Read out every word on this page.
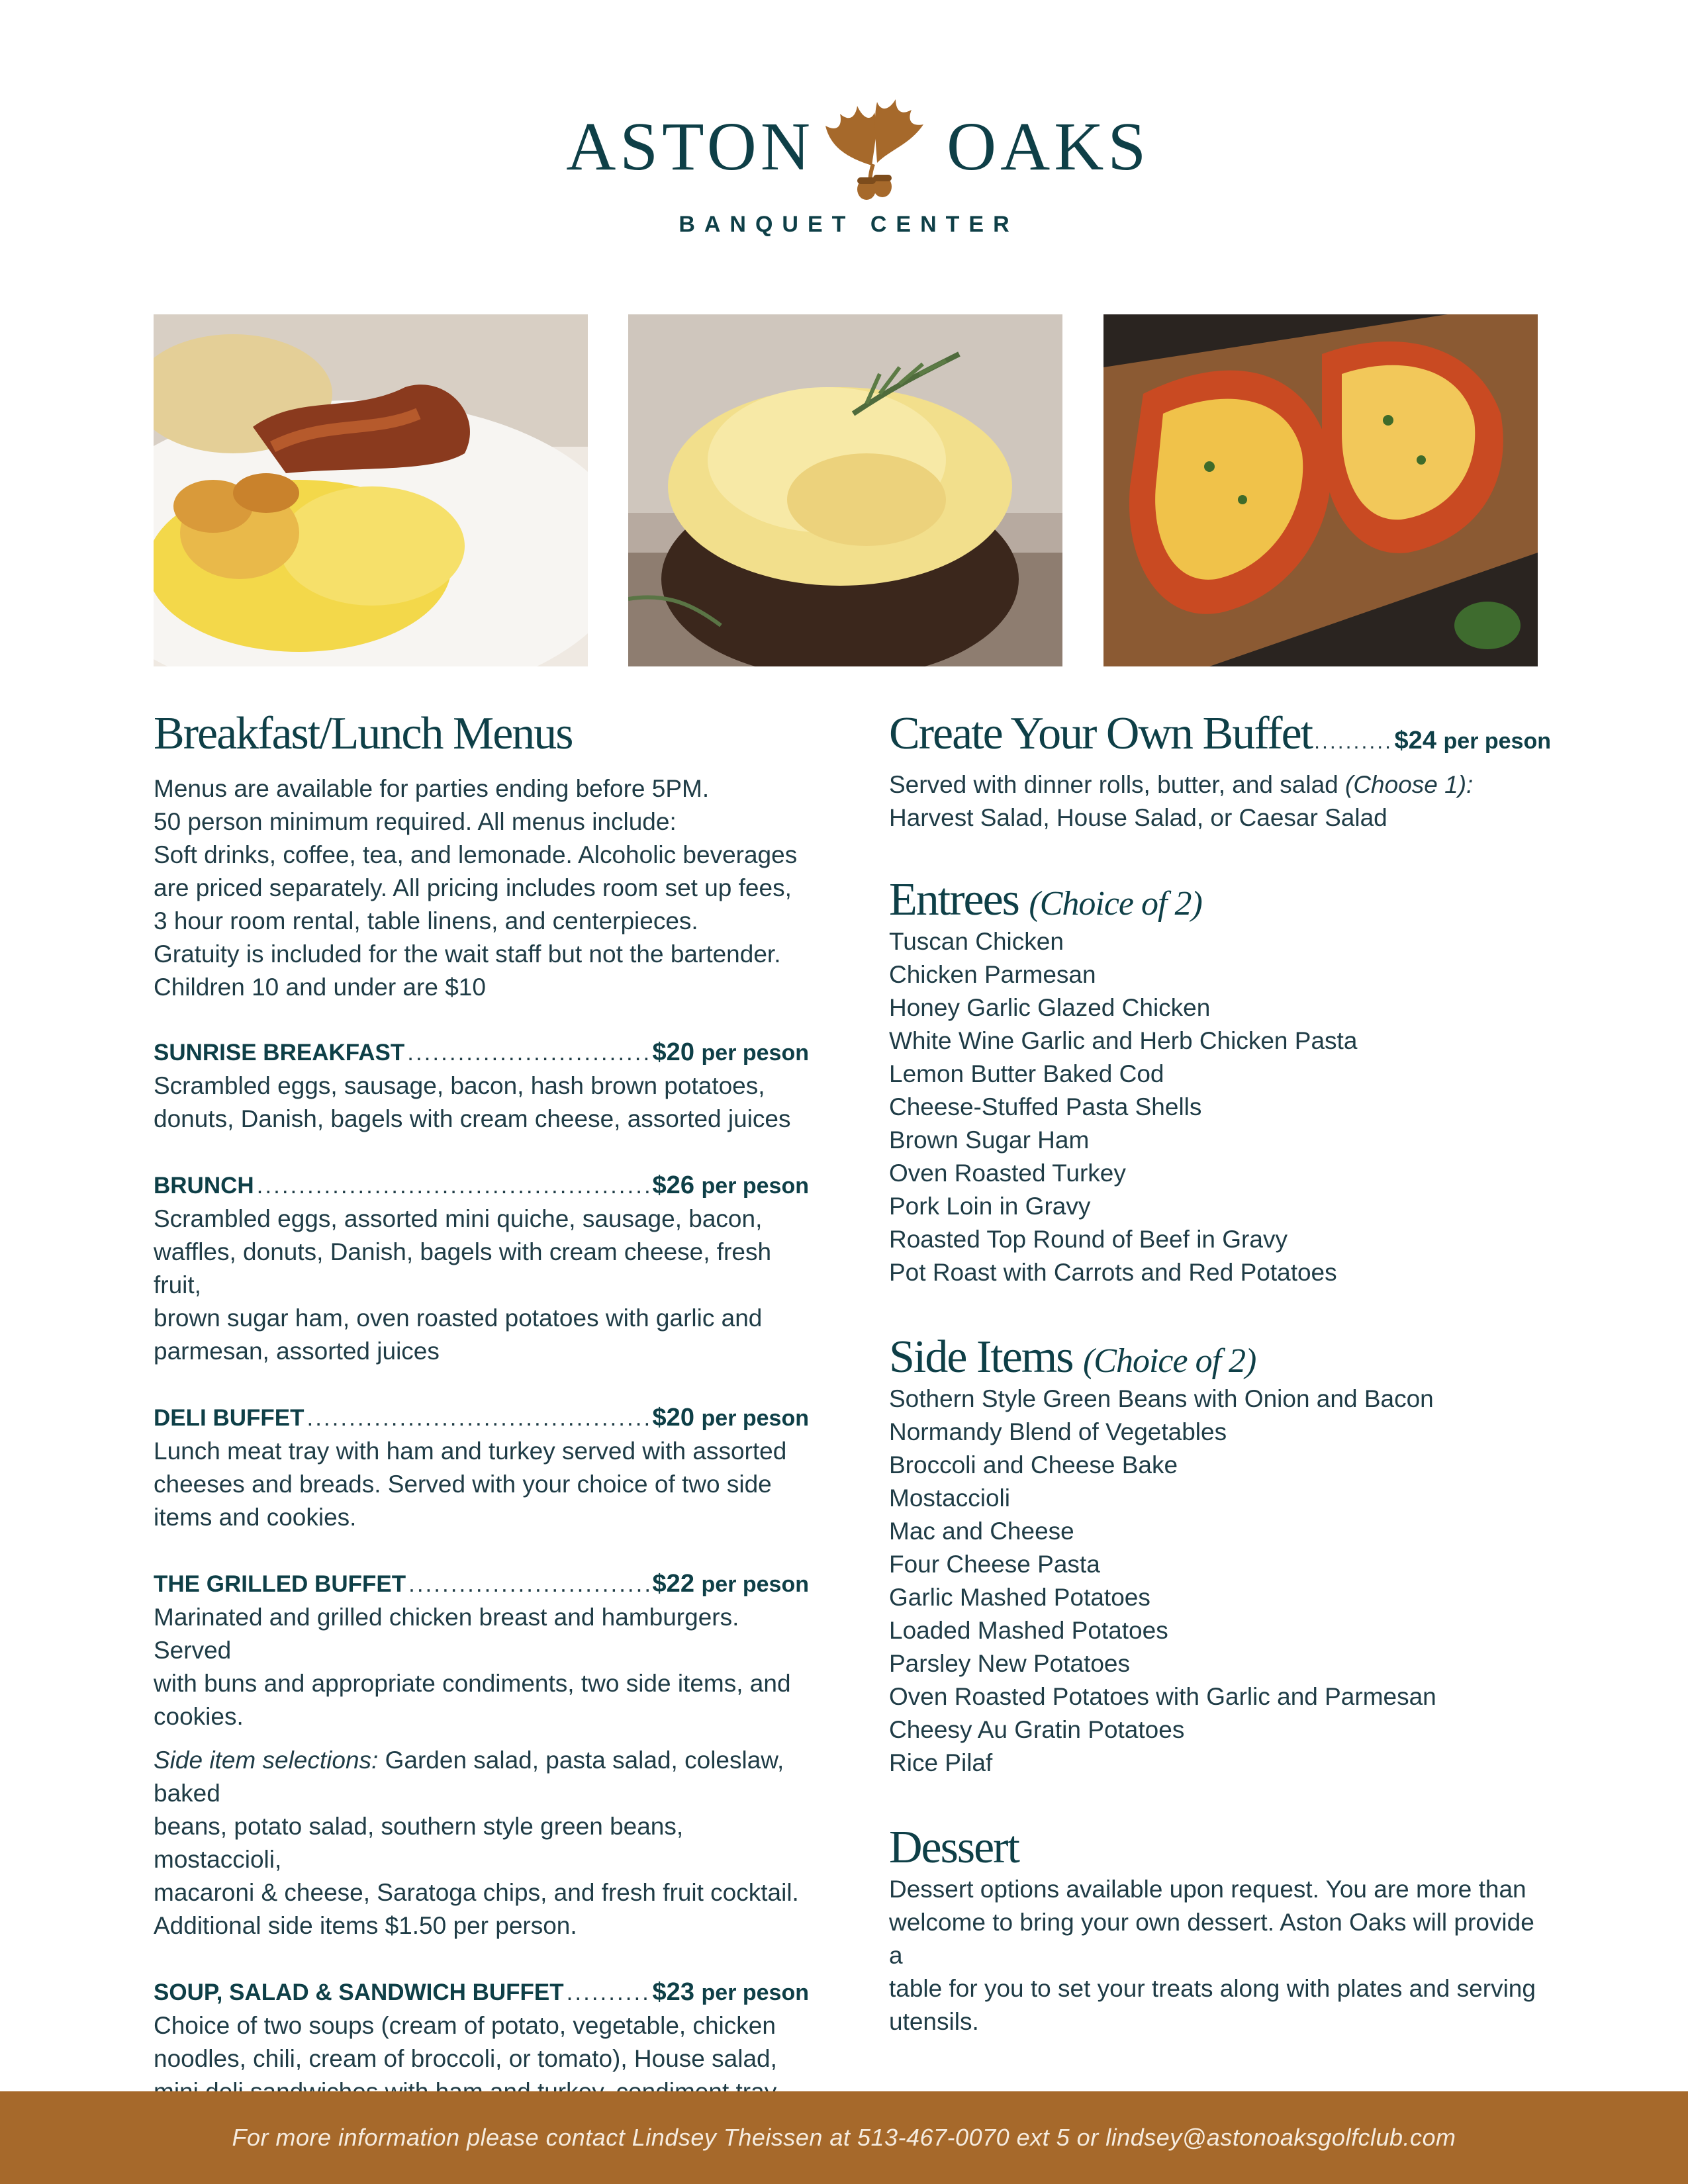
ASTON OAKS
BANQUET CENTER
Breakfast/Lunch Menus
Menus are available for parties ending before 5PM.
50 person minimum required. All menus include:
Soft drinks, coffee, tea, and lemonade. Alcoholic beverages
are priced separately. All pricing includes room set up fees,
3 hour room rental, table linens, and centerpieces.
Gratuity is included for the wait staff but not the bartender.
Children 10 and under are $10
SUNRISE BREAKFAST .....	$20 per peson
Scrambled eggs, sausage, bacon, hash brown potatoes,
donuts, Danish, bagels with cream cheese, assorted juices
BRUNCH .....	$26 per peson
Scrambled eggs, assorted mini quiche, sausage, bacon,
waffles, donuts, Danish, bagels with cream cheese, fresh fruit,
brown sugar ham, oven roasted potatoes with garlic and
parmesan, assorted juices
DELI BUFFET .....	$20 per peson
Lunch meat tray with ham and turkey served with assorted
cheeses and breads. Served with your choice of two side
items and cookies.
THE GRILLED BUFFET .....	$22 per peson
Marinated and grilled chicken breast and hamburgers. Served
with buns and appropriate condiments, two side items, and
cookies.
Side item selections: Garden salad, pasta salad, coleslaw, baked
beans, potato salad, southern style green beans, mostaccioli,
macaroni & cheese, Saratoga chips, and fresh fruit cocktail.
Additional side items $1.50 per person.
SOUP, SALAD & SANDWICH BUFFET .....	$23 per peson
Choice of two soups (cream of potato, vegetable, chicken
noodles, chili, cream of broccoli, or tomato), House salad,
Create Your Own Buffet .....	$24 per peson
Served with dinner rolls, butter, and salad (Choose 1):
Harvest Salad, House Salad, or Caesar Salad
Entrees (Choice of 2)
Tuscan Chicken
Chicken Parmesan
Honey Garlic Glazed Chicken
White Wine Garlic and Herb Chicken Pasta
Lemon Butter Baked Cod
Cheese-Stuffed Pasta Shells
Brown Sugar Ham
Oven Roasted Turkey
Pork Loin in Gravy
Roasted Top Round of Beef in Gravy
Pot Roast with Carrots and Red Potatoes
Side Items (Choice of 2)
Sothern Style Green Beans with Onion and Bacon
Normandy Blend of Vegetables
Broccoli and Cheese Bake
Mostaccioli
Mac and Cheese
Four Cheese Pasta
Garlic Mashed Potatoes
Loaded Mashed Potatoes
Parsley New Potatoes
Oven Roasted Potatoes with Garlic and Parmesan
Cheesy Au Gratin Potatoes
Rice Pilaf
Dessert
Dessert options available upon request. You are more than
welcome to bring your own dessert. Aston Oaks will provide a
table for you to set your treats along with plates and serving
utensils.
For more information please contact Lindsey Theissen at 513-467-0070 ext 5 or lindsey@astonoaksgolfclub.com
